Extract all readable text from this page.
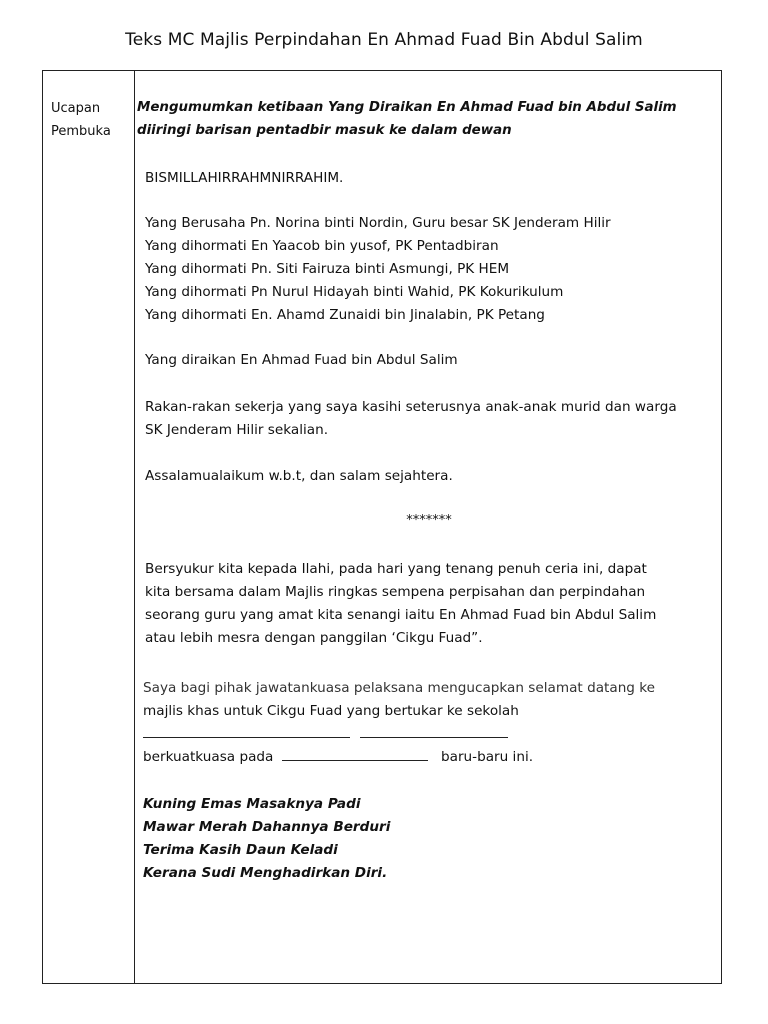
Teks MC Majlis Perpindahan En Ahmad Fuad Bin Abdul Salim
Ucapan
Pembuka
Mengumumkan ketibaan Yang Diraikan En Ahmad Fuad bin Abdul Salim
diiringi barisan pentadbir masuk ke dalam dewan
BISMILLAHIRRAHMNIRRAHIM.
Yang Berusaha Pn. Norina binti Nordin, Guru besar SK Jenderam Hilir
Yang dihormati En Yaacob bin yusof, PK Pentadbiran
Yang dihormati Pn. Siti Fairuza binti Asmungi, PK HEM
Yang dihormati Pn Nurul Hidayah binti Wahid, PK Kokurikulum
Yang dihormati En. Ahamd Zunaidi bin Jinalabin, PK Petang
Yang diraikan En Ahmad Fuad bin Abdul Salim
Rakan-rakan sekerja yang saya kasihi seterusnya anak-anak murid dan warga
SK Jenderam Hilir sekalian.
Assalamualaikum w.b.t, dan salam sejahtera.
*******
Bersyukur kita kepada Ilahi, pada hari yang tenang penuh ceria ini, dapat
kita bersama dalam Majlis ringkas sempena perpisahan dan perpindahan
seorang guru yang amat kita senangi iaitu En Ahmad Fuad bin Abdul Salim
atau lebih mesra dengan panggilan ‘Cikgu Fuad”.
Saya bagi pihak jawatankuasa pelaksana mengucapkan selamat datang ke
majlis khas untuk Cikgu Fuad yang bertukar ke sekolah

berkuatkuasa pada	baru-baru ini.
Kuning Emas Masaknya Padi
Mawar Merah Dahannya Berduri
Terima Kasih Daun Keladi
Kerana Sudi Menghadirkan Diri.
